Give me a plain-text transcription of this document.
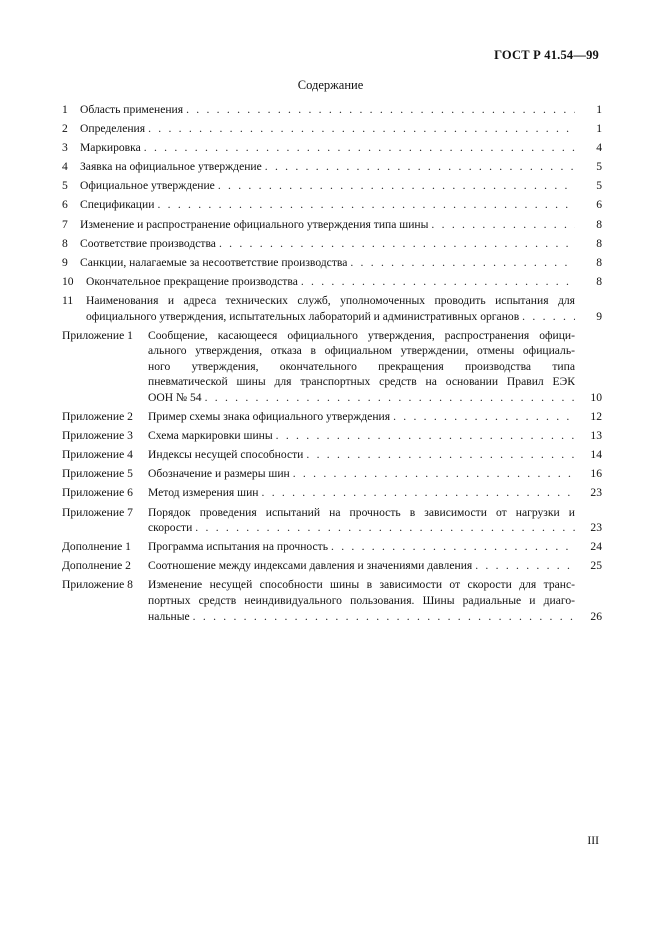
ГОСТ Р 41.54—99
Содержание
1	Область применения . . .	1
2	Определения . . .	1
3	Маркировка . . .	4
4	Заявка на официальное утверждение . . .	5
5	Официальное утверждение . . .	5
6	Спецификации . . .	6
7	Изменение и распространение официального утверждения типа шины . . .	8
8	Соответствие производства . . .	8
9	Санкции, налагаемые за несоответствие производства . . .	8
10	Окончательное прекращение производства . . .	8
11	Наименования и адреса технических служб, уполномоченных проводить испытания для
официального утверждения, испытательных лабораторий и административных органов . . .	9
Приложение 1	Сообщение, касающееся официального утверждения, распространения офици-
ального утверждения, отказа в официальном утверждении, отмены официаль-
ного утверждения, окончательного прекращения производства типа
пневматической шины для транспортных средств на основании Правил ЕЭК
ООН № 54 . . .	10
Приложение 2	Пример схемы знака официального утверждения . . .	12
Приложение 3	Схема маркировки шины . . .	13
Приложение 4	Индексы несущей способности . . .	14
Приложение 5	Обозначение и размеры шин . . .	16
Приложение 6	Метод измерения шин . . .	23
Приложение 7	Порядок проведения испытаний на прочность в зависимости от нагрузки и
скорости . . .	23
Дополнение 1	Программа испытания на прочность . . .	24
Дополнение 2	Соотношение между индексами давления и значениями давления . . .	25
Приложение 8	Изменение несущей способности шины в зависимости от скорости для транс-
портных средств неиндивидуального пользования. Шины радиальные и диаго-
нальные . . .	26
III
